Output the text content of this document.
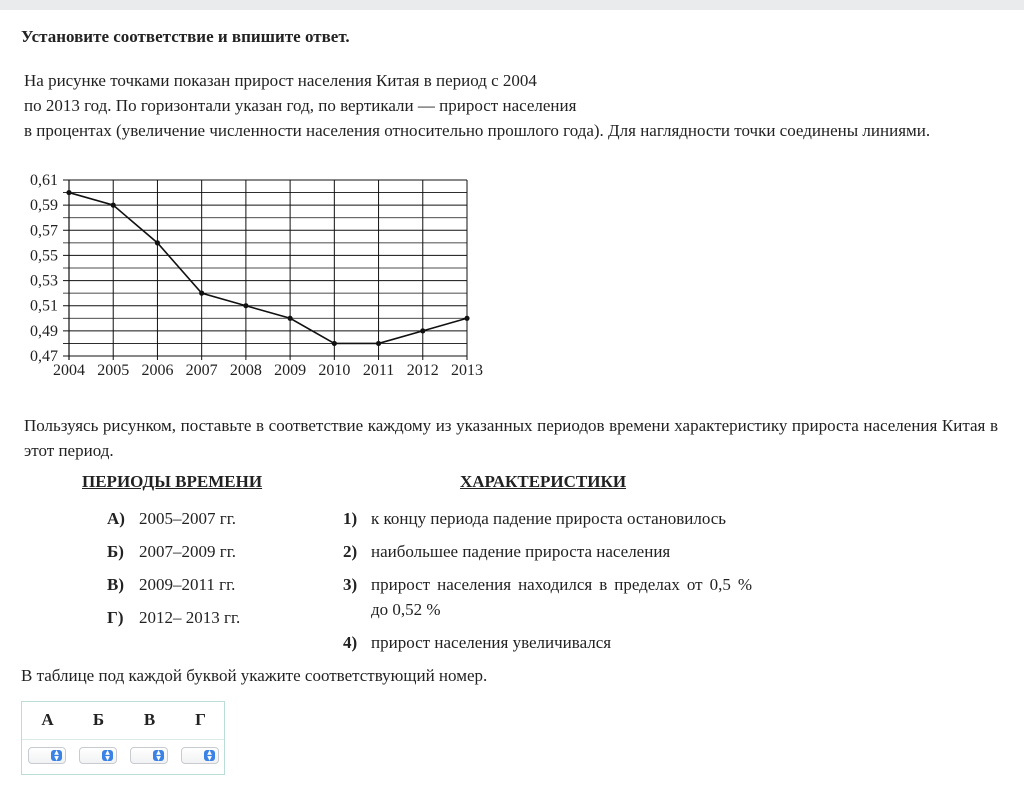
Установите соответствие и впишите ответ.
На рисунке точками показан прирост населения Китая в период с 2004
по 2013 год. По горизонтали указан год, по вертикали — прирост населения
в процентах (увеличение численности населения относительно прошлого года). Для наглядности точки соединены линиями.
0,61
0,59
0,57
0,55
0,53
0,51
0,49
0,47
2004 2005 2006 2007 2008 2009 2010 2011 2012 2013
Пользуясь рисунком, поставьте в соответствие каждому из указанных периодов времени характеристику прироста населения Китая в этот период.
ПЕРИОДЫ ВРЕМЕНИ	ХАРАКТЕРИСТИКИ
А) 2005–2007 гг.
Б) 2007–2009 гг.
В) 2009–2011 гг.
Г) 2012– 2013 гг.
1) к концу периода падение прироста остановилось
2) наибольшее падение прироста населения
3) прирост населения находился в пределах от 0,5 % до 0,52 %
4) прирост населения увеличивался
В таблице под каждой буквой укажите соответствующий номер.
А
▲
▼
Б
▲
▼
В
▲
▼
Г
▲
▼
